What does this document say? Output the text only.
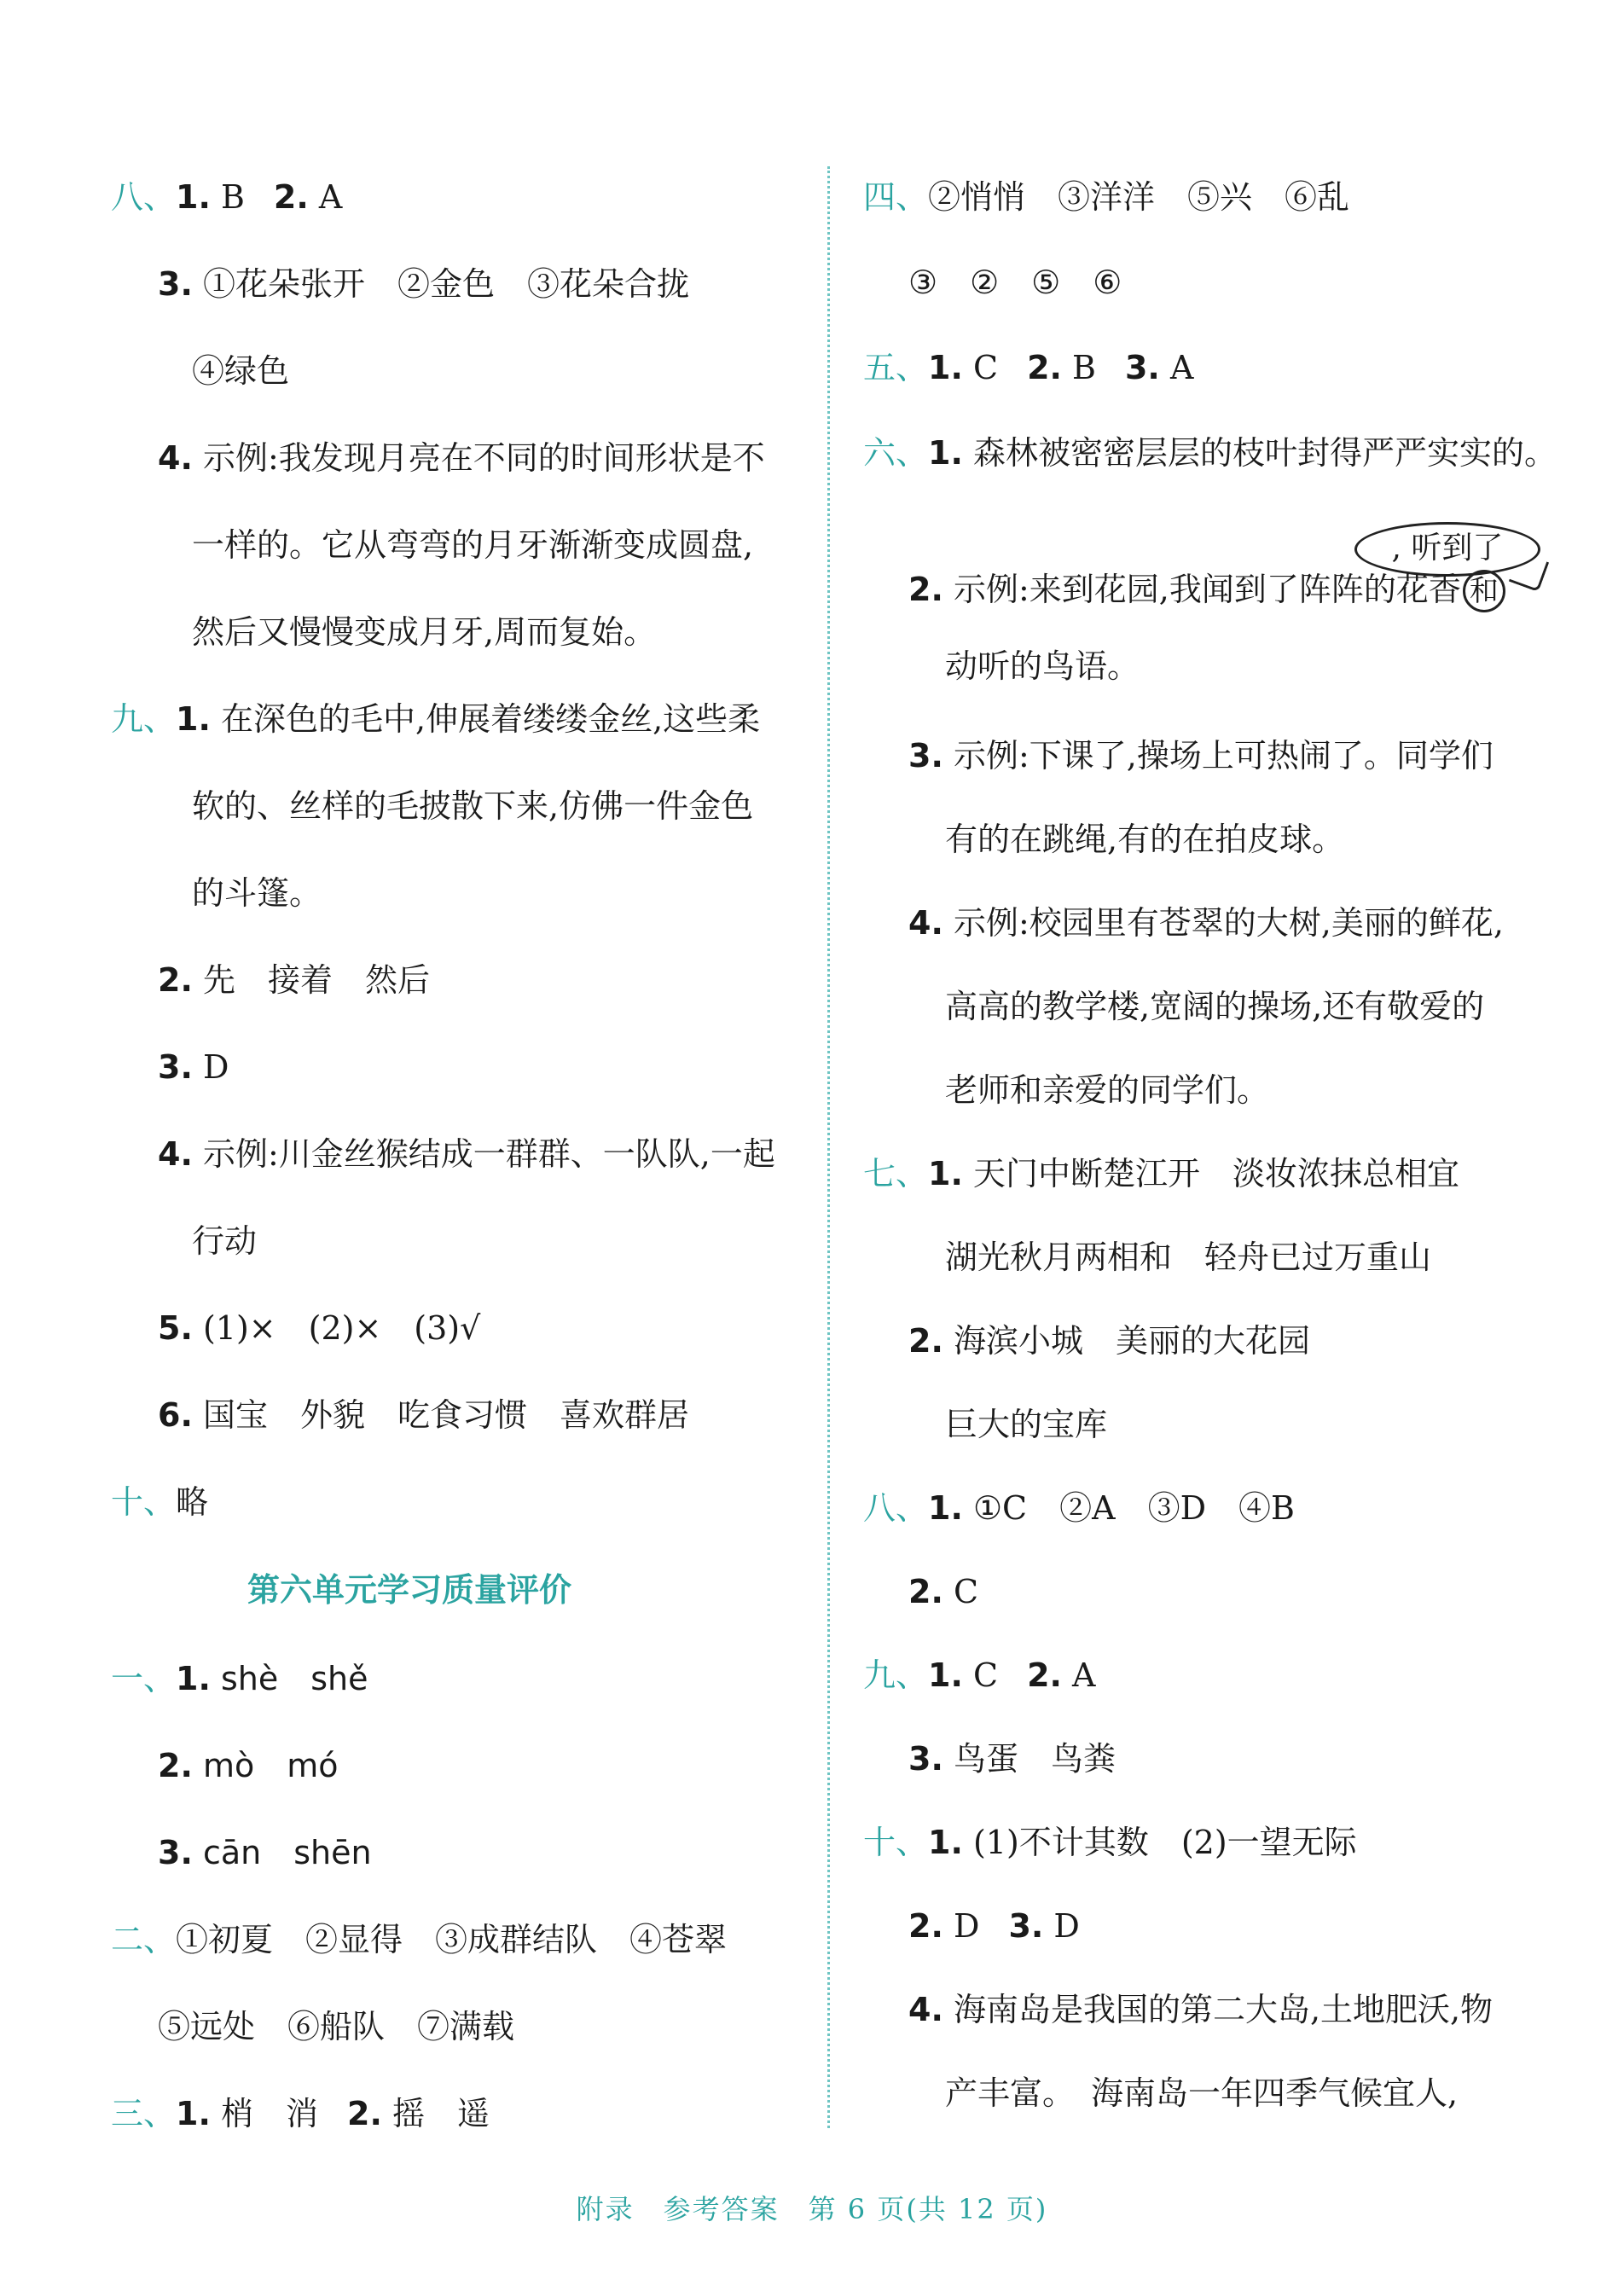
八、1. B 2. A
3. ①花朵张开　②金色　③花朵合拢
④绿色
4. 示例:我发现月亮在不同的时间形状是不
一样的。它从弯弯的月牙渐渐变成圆盘,
然后又慢慢变成月牙,周而复始。
九、1. 在深色的毛中,伸展着缕缕金丝,这些柔
软的、丝样的毛披散下来,仿佛一件金色
的斗篷。
2. 先　接着　然后
3. D
4. 示例:川金丝猴结成一群群、一队队,一起
行动
5. (1)×　(2)×　(3)√
6. 国宝　外貌　吃食习惯　喜欢群居
十、略
第六单元学习质量评价
一、1. shè　shě
2. mò　mó
3. cān　shēn
二、①初夏　②显得　③成群结队　④苍翠
⑤远处　⑥船队　⑦满载
三、1. 梢　消 2. 摇　遥
四、②悄悄　③洋洋　⑤兴　⑥乱
③　②　⑤　⑥
五、1. C 2. B 3. A
六、1. 森林被密密层层的枝叶封得严严实实的。
, 听到了
2. 示例:来到花园,我闻到了阵阵的花香 和
动听的鸟语。
3. 示例:下课了,操场上可热闹了。同学们
有的在跳绳,有的在拍皮球。
4. 示例:校园里有苍翠的大树,美丽的鲜花,
高高的教学楼,宽阔的操场,还有敬爱的
老师和亲爱的同学们。
七、1. 天门中断楚江开　淡妆浓抹总相宜
湖光秋月两相和　轻舟已过万重山
2. 海滨小城　美丽的大花园
巨大的宝库
八、1. ①C　②A　③D　④B
2. C
九、1. C 2. A
3. 鸟蛋　鸟粪
十、1. (1)不计其数　(2)一望无际
2. D 3. D
4. 海南岛是我国的第二大岛,土地肥沃,物
产丰富。　海南岛一年四季气候宜人,
附录　参考答案　第 6 页(共 12 页)
